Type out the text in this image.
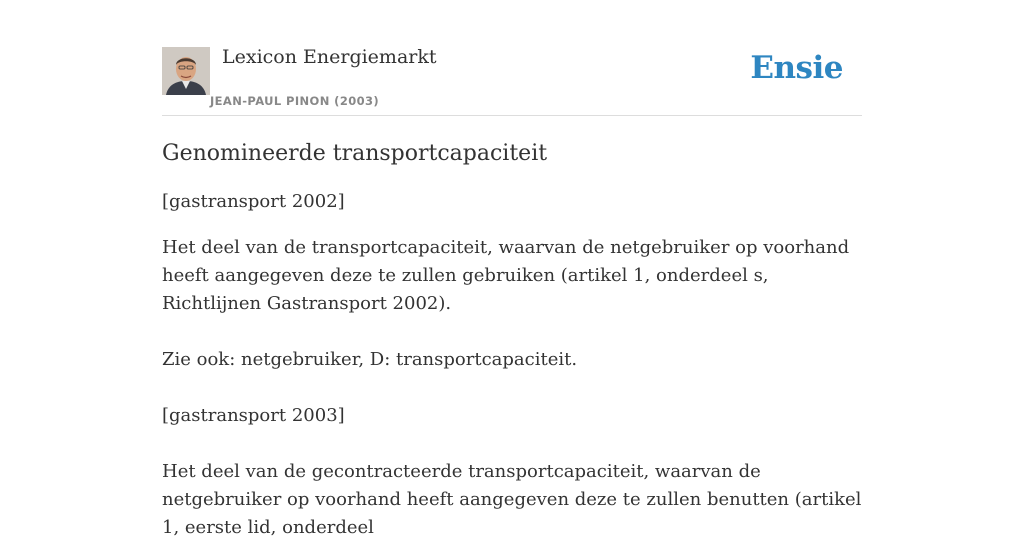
Lexicon Energiemarkt
JEAN-PAUL PINON (2003)
Ensie
Genomineerde transportcapaciteit

[gastransport 2002]

Het deel van de transportcapaciteit, waarvan de netgebruiker op voorhand heeft aangegeven deze te zullen gebruiken (artikel 1, onderdeel s, Richtlijnen Gastransport 2002).

Zie ook: netgebruiker, D: transportcapaciteit.

[gastransport 2003]

Het deel van de gecontracteerde transportcapaciteit, waarvan de netgebruiker op voorhand heeft aangegeven deze te zullen benutten (artikel 1, eerste lid, onderdeel
